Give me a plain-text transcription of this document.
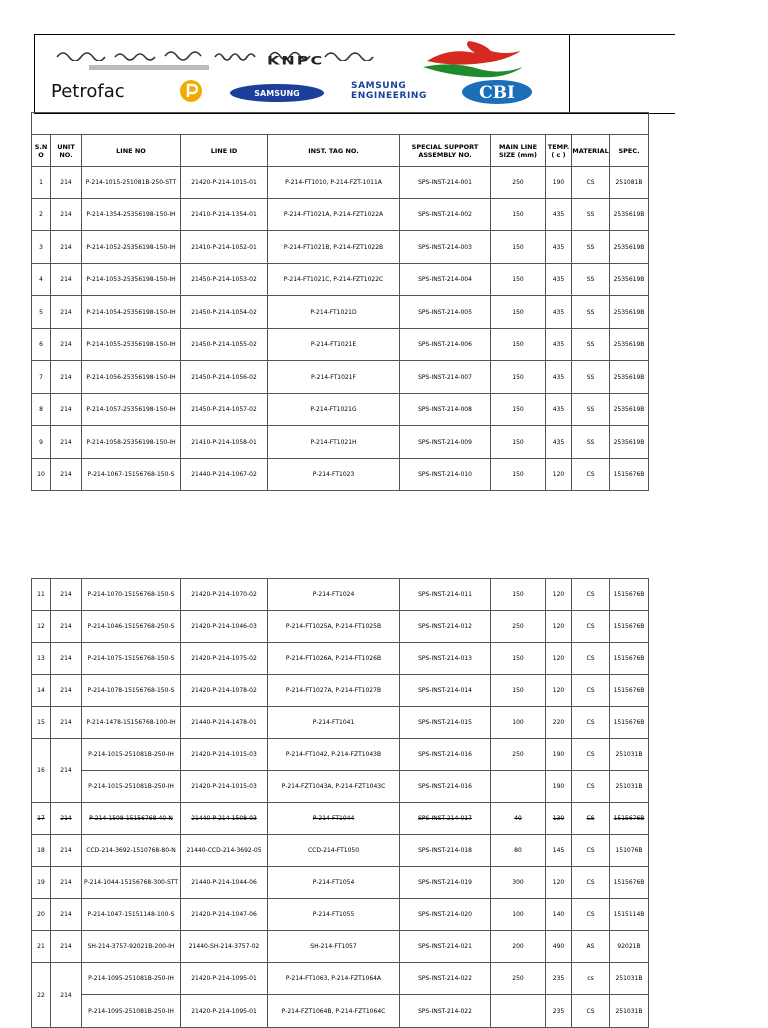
KNPC
Petrofac	SAMSUNG
SAMSUNG
ENGINEERING	CBI

S.N O	UNIT NO.	LINE NO	LINE ID	INST. TAG NO.	SPECIAL SUPPORT ASSEMBLY NO.	MAIN LINE SIZE (mm)	TEMP. ( c )	MATERIAL	SPEC.
1	214	P-214-1015-251081B-250-STT	21420-P-214-1015-01	P-214-FT1010, P-214-FZT-1011A	SPS-INST-214-001	250	190	CS	251081B
2	214	P-214-1354-25356198-150-IH	21410-P-214-1354-01	P-214-FT1021A, P-214-FZT1022A	SPS-INST-214-002	150	435	SS	2535619B
3	214	P-214-1052-25356198-150-IH	21410-P-214-1052-01	P-214-FT1021B, P-214-FZT1022B	SPS-INST-214-003	150	435	SS	2535619B
4	214	P-214-1053-25356198-150-IH	21450-P-214-1053-02	P-214-FT1021C, P-214-FZT1022C	SPS-INST-214-004	150	435	SS	2535619B
5	214	P-214-1054-25356198-150-IH	21450-P-214-1054-02	P-214-FT1021D	SPS-INST-214-005	150	435	SS	2535619B
6	214	P-214-1055-25356198-150-IH	21450-P-214-1055-02	P-214-FT1021E	SPS-INST-214-006	150	435	SS	2535619B
7	214	P-214-1056-25356198-150-IH	21450-P-214-1056-02	P-214-FT1021F	SPS-INST-214-007	150	435	SS	2535619B
8	214	P-214-1057-25356198-150-IH	21450-P-214-1057-02	P-214-FT1021G	SPS-INST-214-008	150	435	SS	2535619B
9	214	P-214-1058-25356198-150-IH	21410-P-214-1058-01	P-214-FT1021H	SPS-INST-214-009	150	435	SS	2535619B
10	214	P-214-1067-15156768-150-S	21440-P-214-1067-02	P-214-FT1023	SPS-INST-214-010	150	120	CS	1515676B
11	214	P-214-1070-15156768-150-S	21420-P-214-1070-02	P-214-FT1024	SPS-INST-214-011	150	120	CS	1515676B
12	214	P-214-1046-15156768-250-S	21420-P-214-1046-03	P-214-FT1025A, P-214-FT1025B	SPS-INST-214-012	250	120	CS	1515676B
13	214	P-214-1075-15156768-150-S	21420-P-214-1075-02	P-214-FT1026A, P-214-FT1026B	SPS-INST-214-013	150	120	CS	1515676B
14	214	P-214-1078-15156768-150-S	21420-P-214-1078-02	P-214-FT1027A, P-214-FT1027B	SPS-INST-214-014	150	120	CS	1515676B
15	214	P-214-1478-15156768-100-IH	21440-P-214-1478-01	P-214-FT1041	SPS-INST-214-015	100	220	CS	1515676B
16	214	P-214-1015-251081B-250-IH	21420-P-214-1015-03	P-214-FT1042, P-214-FZT1043B	SPS-INST-214-016	250	190	CS	251031B
		P-214-1015-251081B-250-IH	21420-P-214-1015-03	P-214-FZT1043A, P-214-FZT1043C	SPS-INST-214-016		190	CS	251031B
17	214	P-214-1508-15156768-40-N	21440-P-214-1508-03	P-214-FT1044	SPS-INST-214-017	40	130	CS	1515676B
18	214	CCD-214-3692-1510768-80-N	21440-CCD-214-3692-05	CCD-214-FT1050	SPS-INST-214-018	80	145	CS	151076B
19	214	P-214-1044-15156768-300-STT	21440-P-214-1044-06	P-214-FT1054	SPS-INST-214-019	300	120	CS	1515676B
20	214	P-214-1047-15151148-100-S	21420-P-214-1047-06	P-214-FT1055	SPS-INST-214-020	100	140	CS	1515114B
21	214	SH-214-3757-92021B-200-IH	21440-SH-214-3757-02	SH-214-FT1057	SPS-INST-214-021	200	490	AS	92021B
22	214	P-214-1095-251081B-250-IH	21420-P-214-1095-01	P-214-FT1063, P-214-FZT1064A	SPS-INST-214-022	250	235	cs	251031B
		P-214-1095-251081B-250-IH	21420-P-214-1095-01	P-214-FZT1064B, P-214-FZT1064C	SPS-INST-214-022		235	CS	251031B
